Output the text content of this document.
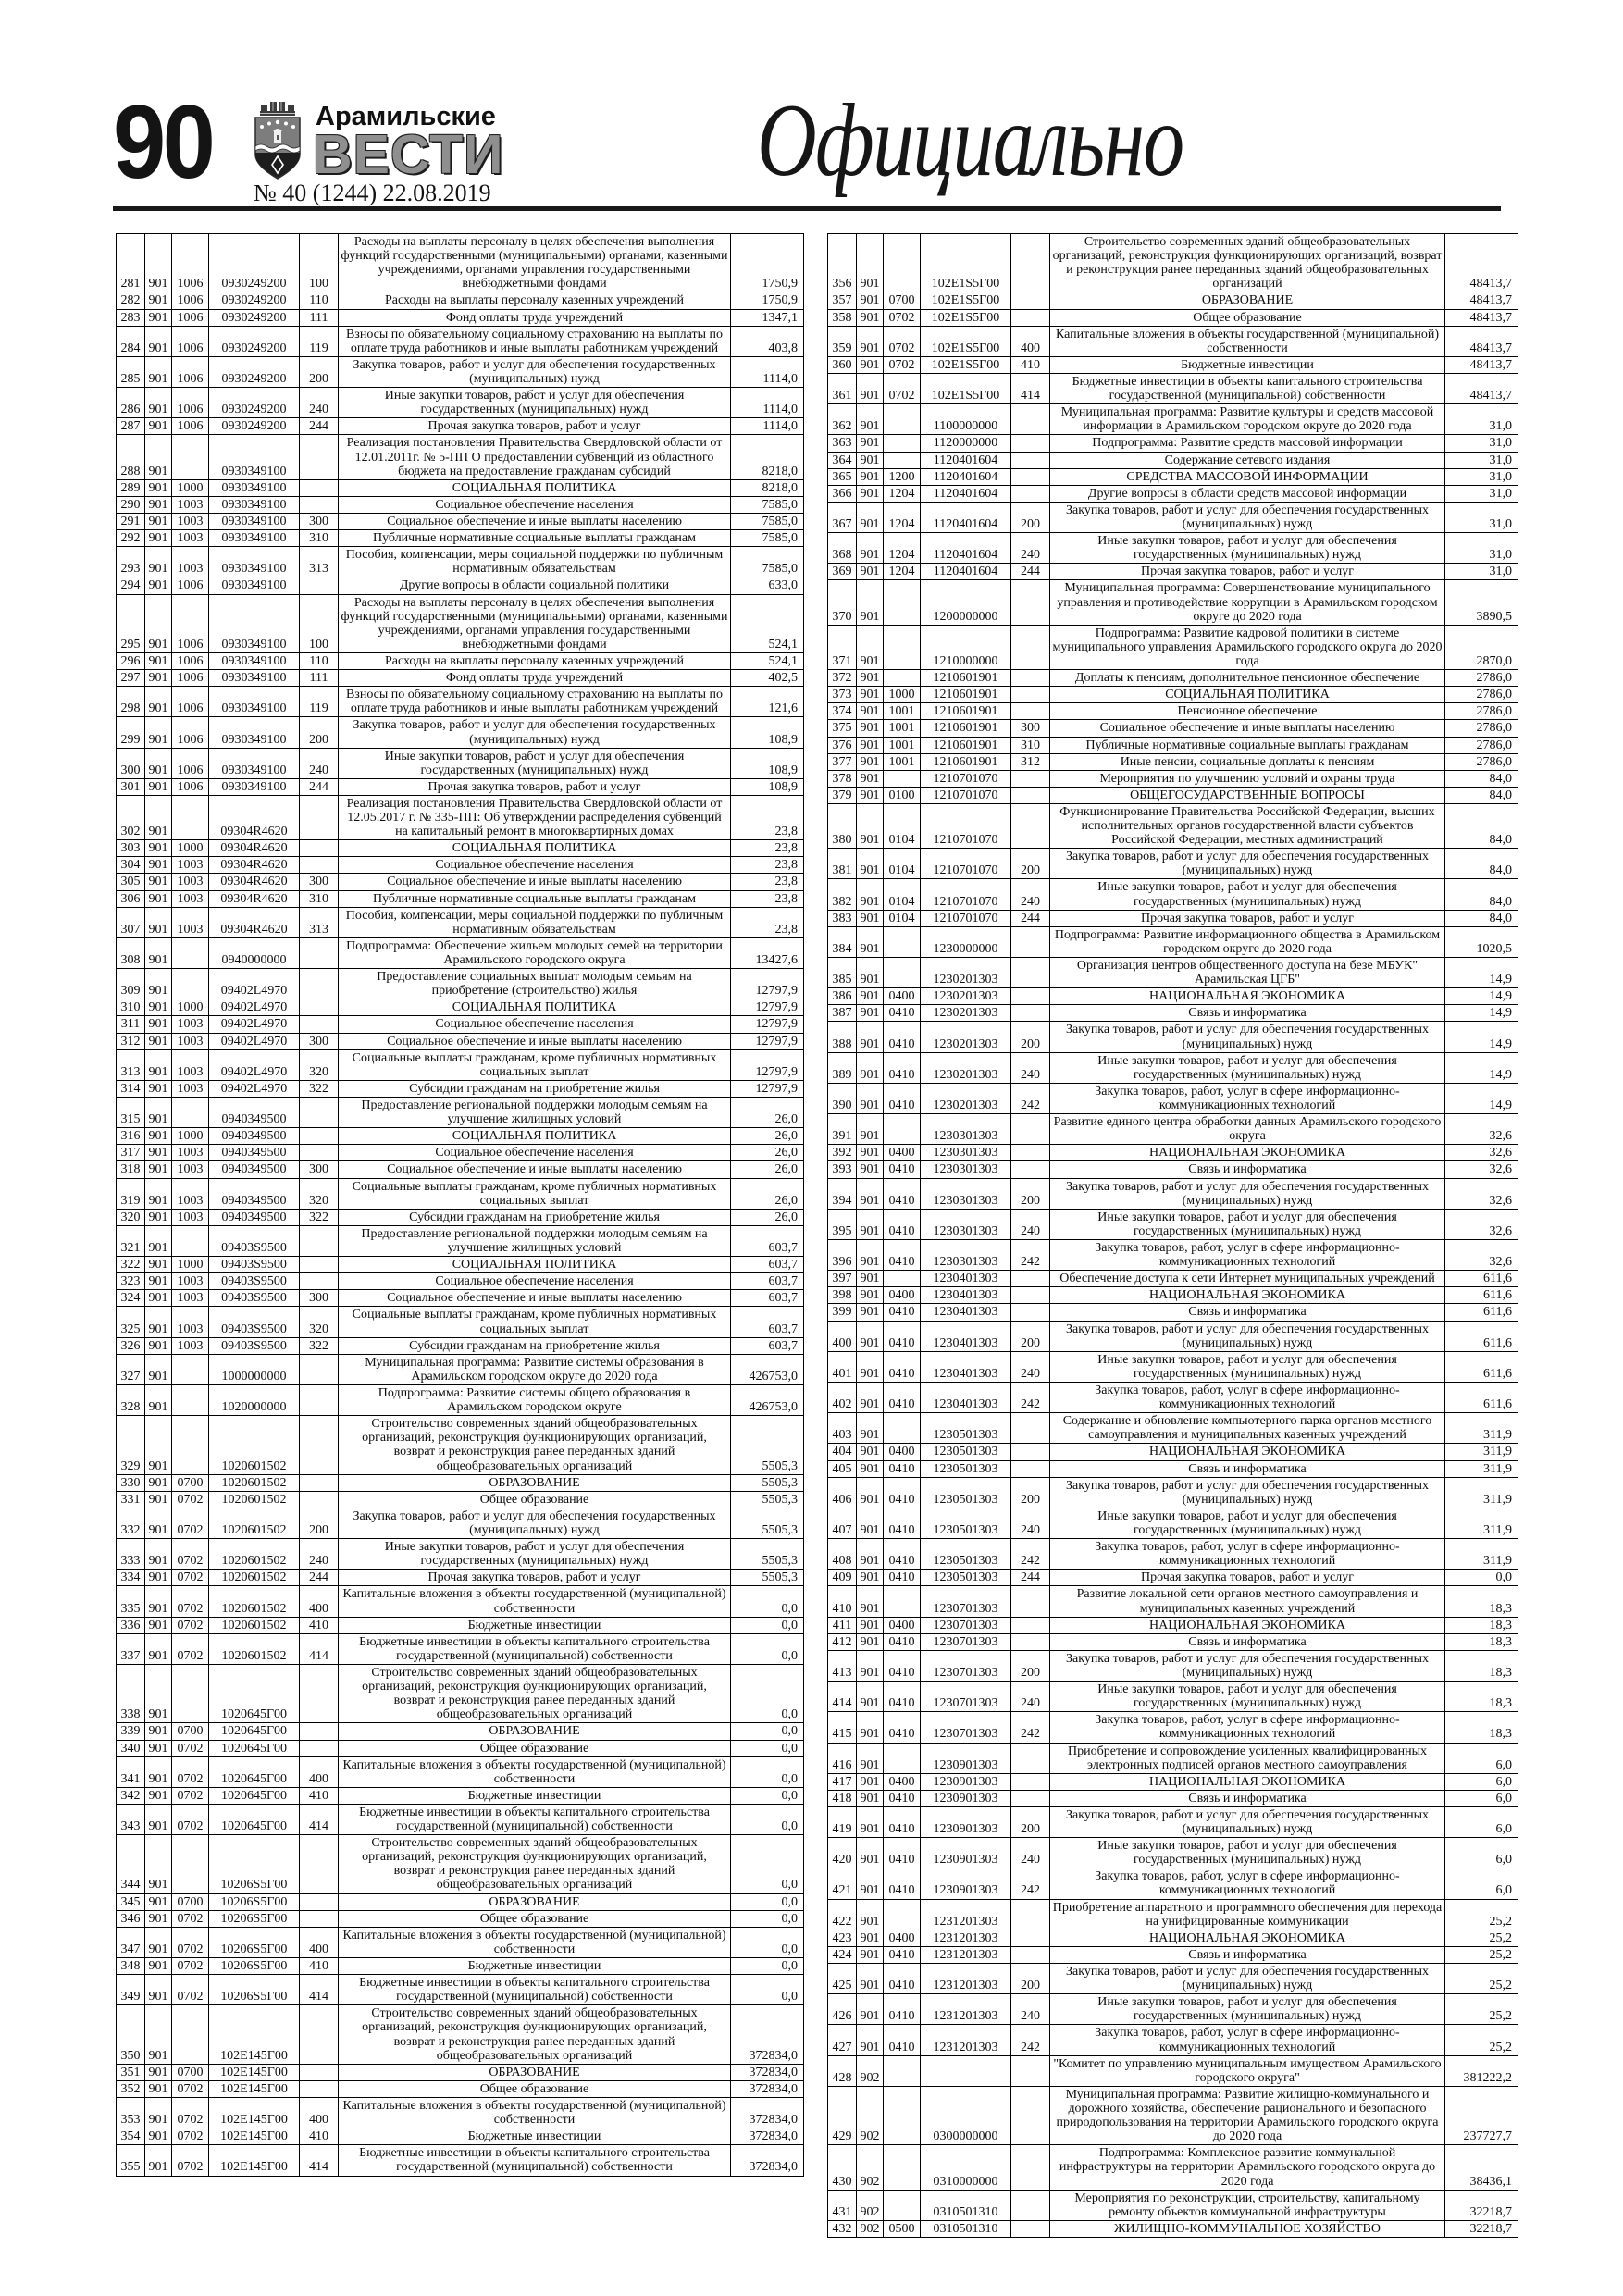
90	Арамильские
ВЕСТИ
№ 40 (1244) 22.08.2019	Официально
281	901	1006	0930249200	100	Расходы на выплаты персоналу в целях обеспечения выполнения функций государственными (муниципальными) органами, казенными учреждениями, органами управления государственными внебюджетными фондами	1750,9
282	901	1006	0930249200	110	Расходы на выплаты персоналу казенных учреждений	1750,9
283	901	1006	0930249200	111	Фонд оплаты труда учреждений	1347,1
284	901	1006	0930249200	119	Взносы по обязательному социальному страхованию на выплаты по оплате труда работников и иные выплаты работникам учреждений	403,8
285	901	1006	0930249200	200	Закупка товаров, работ и услуг для обеспечения государственных (муниципальных) нужд	1114,0
286	901	1006	0930249200	240	Иные закупки товаров, работ и услуг для обеспечения государственных (муниципальных) нужд	1114,0
287	901	1006	0930249200	244	Прочая закупка товаров, работ и услуг	1114,0
288	901		0930349100		Реализация постановления Правительства Свердловской области от 12.01.2011г. № 5-ПП О предоставлении субвенций из областного бюджета на предоставление гражданам субсидий	8218,0
289	901	1000	0930349100		СОЦИАЛЬНАЯ ПОЛИТИКА	8218,0
290	901	1003	0930349100		Социальное обеспечение населения	7585,0
291	901	1003	0930349100	300	Социальное обеспечение и иные выплаты населению	7585,0
292	901	1003	0930349100	310	Публичные нормативные социальные выплаты гражданам	7585,0
293	901	1003	0930349100	313	Пособия, компенсации, меры социальной поддержки по публичным нормативным обязательствам	7585,0
294	901	1006	0930349100		Другие вопросы в области социальной политики	633,0
295	901	1006	0930349100	100	Расходы на выплаты персоналу в целях обеспечения выполнения функций государственными (муниципальными) органами, казенными учреждениями, органами управления государственными внебюджетными фондами	524,1
296	901	1006	0930349100	110	Расходы на выплаты персоналу казенных учреждений	524,1
297	901	1006	0930349100	111	Фонд оплаты труда учреждений	402,5
298	901	1006	0930349100	119	Взносы по обязательному социальному страхованию на выплаты по оплате труда работников и иные выплаты работникам учреждений	121,6
299	901	1006	0930349100	200	Закупка товаров, работ и услуг для обеспечения государственных (муниципальных) нужд	108,9
300	901	1006	0930349100	240	Иные закупки товаров, работ и услуг для обеспечения государственных (муниципальных) нужд	108,9
301	901	1006	0930349100	244	Прочая закупка товаров, работ и услуг	108,9
302	901		09304R4620		Реализация постановления Правительства Свердловской области от 12.05.2017 г. № 335-ПП: Об утверждении распределения субвенций на капитальный ремонт в многоквартирных домах	23,8
303	901	1000	09304R4620		СОЦИАЛЬНАЯ ПОЛИТИКА	23,8
304	901	1003	09304R4620		Социальное обеспечение населения	23,8
305	901	1003	09304R4620	300	Социальное обеспечение и иные выплаты населению	23,8
306	901	1003	09304R4620	310	Публичные нормативные социальные выплаты гражданам	23,8
307	901	1003	09304R4620	313	Пособия, компенсации, меры социальной поддержки по публичным нормативным обязательствам	23,8
308	901		0940000000		Подпрограмма: Обеспечение жильем молодых семей на территории Арамильского городского округа	13427,6
309	901		09402L4970		Предоставление социальных выплат молодым семьям на приобретение (строительство) жилья	12797,9
310	901	1000	09402L4970		СОЦИАЛЬНАЯ ПОЛИТИКА	12797,9
311	901	1003	09402L4970		Социальное обеспечение населения	12797,9
312	901	1003	09402L4970	300	Социальное обеспечение и иные выплаты населению	12797,9
313	901	1003	09402L4970	320	Социальные выплаты гражданам, кроме публичных нормативных социальных выплат	12797,9
314	901	1003	09402L4970	322	Субсидии гражданам на приобретение жилья	12797,9
315	901		0940349500		Предоставление региональной поддержки молодым семьям на улучшение жилищных условий	26,0
316	901	1000	0940349500		СОЦИАЛЬНАЯ ПОЛИТИКА	26,0
317	901	1003	0940349500		Социальное обеспечение населения	26,0
318	901	1003	0940349500	300	Социальное обеспечение и иные выплаты населению	26,0
319	901	1003	0940349500	320	Социальные выплаты гражданам, кроме публичных нормативных социальных выплат	26,0
320	901	1003	0940349500	322	Субсидии гражданам на приобретение жилья	26,0
321	901		09403S9500		Предоставление региональной поддержки молодым семьям на улучшение жилищных условий	603,7
322	901	1000	09403S9500		СОЦИАЛЬНАЯ ПОЛИТИКА	603,7
323	901	1003	09403S9500		Социальное обеспечение населения	603,7
324	901	1003	09403S9500	300	Социальное обеспечение и иные выплаты населению	603,7
325	901	1003	09403S9500	320	Социальные выплаты гражданам, кроме публичных нормативных социальных выплат	603,7
326	901	1003	09403S9500	322	Субсидии гражданам на приобретение жилья	603,7
327	901		1000000000		Муниципальная программа: Развитие системы образования в Арамильском городском округе до 2020 года	426753,0
328	901		1020000000		Подпрограмма: Развитие системы общего образования в Арамильском городском округе	426753,0
329	901		1020601502		Строительство современных зданий общеобразовательных организаций, реконструкция функционирующих организаций, возврат и реконструкция ранее переданных зданий общеобразовательных организаций	5505,3
330	901	0700	1020601502		ОБРАЗОВАНИЕ	5505,3
331	901	0702	1020601502		Общее образование	5505,3
332	901	0702	1020601502	200	Закупка товаров, работ и услуг для обеспечения государственных (муниципальных) нужд	5505,3
333	901	0702	1020601502	240	Иные закупки товаров, работ и услуг для обеспечения государственных (муниципальных) нужд	5505,3
334	901	0702	1020601502	244	Прочая закупка товаров, работ и услуг	5505,3
335	901	0702	1020601502	400	Капитальные вложения в объекты государственной (муниципальной) собственности	0,0
336	901	0702	1020601502	410	Бюджетные инвестиции	0,0
337	901	0702	1020601502	414	Бюджетные инвестиции в объекты капитального строительства государственной (муниципальной) собственности	0,0
338	901		1020645Г00		Строительство современных зданий общеобразовательных организаций, реконструкция функционирующих организаций, возврат и реконструкция ранее переданных зданий общеобразовательных организаций	0,0
339	901	0700	1020645Г00		ОБРАЗОВАНИЕ	0,0
340	901	0702	1020645Г00		Общее образование	0,0
341	901	0702	1020645Г00	400	Капитальные вложения в объекты государственной (муниципальной) собственности	0,0
342	901	0702	1020645Г00	410	Бюджетные инвестиции	0,0
343	901	0702	1020645Г00	414	Бюджетные инвестиции в объекты капитального строительства государственной (муниципальной) собственности	0,0
344	901		10206S5Г00		Строительство современных зданий общеобразовательных организаций, реконструкция функционирующих организаций, возврат и реконструкция ранее переданных зданий общеобразовательных организаций	0,0
345	901	0700	10206S5Г00		ОБРАЗОВАНИЕ	0,0
346	901	0702	10206S5Г00		Общее образование	0,0
347	901	0702	10206S5Г00	400	Капитальные вложения в объекты государственной (муниципальной) собственности	0,0
348	901	0702	10206S5Г00	410	Бюджетные инвестиции	0,0
349	901	0702	10206S5Г00	414	Бюджетные инвестиции в объекты капитального строительства государственной (муниципальной) собственности	0,0
350	901		102E145Г00		Строительство современных зданий общеобразовательных организаций, реконструкция функционирующих организаций, возврат и реконструкция ранее переданных зданий общеобразовательных организаций	372834,0
351	901	0700	102E145Г00		ОБРАЗОВАНИЕ	372834,0
352	901	0702	102E145Г00		Общее образование	372834,0
353	901	0702	102E145Г00	400	Капитальные вложения в объекты государственной (муниципальной) собственности	372834,0
354	901	0702	102E145Г00	410	Бюджетные инвестиции	372834,0
355	901	0702	102E145Г00	414	Бюджетные инвестиции в объекты капитального строительства государственной (муниципальной) собственности	372834,0
356	901		102E1S5Г00		Строительство современных зданий общеобразовательных организаций, реконструкция функционирующих организаций, возврат и реконструкция ранее переданных зданий общеобразовательных организаций	48413,7
357	901	0700	102E1S5Г00		ОБРАЗОВАНИЕ	48413,7
358	901	0702	102E1S5Г00		Общее образование	48413,7
359	901	0702	102E1S5Г00	400	Капитальные вложения в объекты государственной (муниципальной) собственности	48413,7
360	901	0702	102E1S5Г00	410	Бюджетные инвестиции	48413,7
361	901	0702	102E1S5Г00	414	Бюджетные инвестиции в объекты капитального строительства государственной (муниципальной) собственности	48413,7
362	901		1100000000		Муниципальная программа: Развитие культуры и средств массовой информации в Арамильском городском округе до 2020 года	31,0
363	901		1120000000		Подпрограмма: Развитие средств массовой информации	31,0
364	901		1120401604		Содержание сетевого издания	31,0
365	901	1200	1120401604		СРЕДСТВА МАССОВОЙ ИНФОРМАЦИИ	31,0
366	901	1204	1120401604		Другие вопросы в области средств массовой информации	31,0
367	901	1204	1120401604	200	Закупка товаров, работ и услуг для обеспечения государственных (муниципальных) нужд	31,0
368	901	1204	1120401604	240	Иные закупки товаров, работ и услуг для обеспечения государственных (муниципальных) нужд	31,0
369	901	1204	1120401604	244	Прочая закупка товаров, работ и услуг	31,0
370	901		1200000000		Муниципальная программа: Совершенствование муниципального управления и противодействие коррупции в Арамильском городском округе до 2020 года	3890,5
371	901		1210000000		Подпрограмма: Развитие кадровой политики в системе муниципального управления Арамильского городского округа до 2020 года	2870,0
372	901		1210601901		Доплаты к пенсиям, дополнительное пенсионное обеспечение	2786,0
373	901	1000	1210601901		СОЦИАЛЬНАЯ ПОЛИТИКА	2786,0
374	901	1001	1210601901		Пенсионное обеспечение	2786,0
375	901	1001	1210601901	300	Социальное обеспечение и иные выплаты населению	2786,0
376	901	1001	1210601901	310	Публичные нормативные социальные выплаты гражданам	2786,0
377	901	1001	1210601901	312	Иные пенсии, социальные доплаты к пенсиям	2786,0
378	901		1210701070		Мероприятия по улучшению условий и охраны труда	84,0
379	901	0100	1210701070		ОБЩЕГОСУДАРСТВЕННЫЕ ВОПРОСЫ	84,0
380	901	0104	1210701070		Функционирование Правительства Российской Федерации, высших исполнительных органов государственной власти субъектов Российской Федерации, местных администраций	84,0
381	901	0104	1210701070	200	Закупка товаров, работ и услуг для обеспечения государственных (муниципальных) нужд	84,0
382	901	0104	1210701070	240	Иные закупки товаров, работ и услуг для обеспечения государственных (муниципальных) нужд	84,0
383	901	0104	1210701070	244	Прочая закупка товаров, работ и услуг	84,0
384	901		1230000000		Подпрограмма: Развитие информационного общества в Арамильском городском округе до 2020 года	1020,5
385	901		1230201303		Организация центров общественного доступа на безе МБУК" Арамильская ЦГБ"	14,9
386	901	0400	1230201303		НАЦИОНАЛЬНАЯ ЭКОНОМИКА	14,9
387	901	0410	1230201303		Связь и информатика	14,9
388	901	0410	1230201303	200	Закупка товаров, работ и услуг для обеспечения государственных (муниципальных) нужд	14,9
389	901	0410	1230201303	240	Иные закупки товаров, работ и услуг для обеспечения государственных (муниципальных) нужд	14,9
390	901	0410	1230201303	242	Закупка товаров, работ, услуг в сфере информационно-коммуникационных технологий	14,9
391	901		1230301303		Развитие единого центра обработки данных Арамильского городского округа	32,6
392	901	0400	1230301303		НАЦИОНАЛЬНАЯ ЭКОНОМИКА	32,6
393	901	0410	1230301303		Связь и информатика	32,6
394	901	0410	1230301303	200	Закупка товаров, работ и услуг для обеспечения государственных (муниципальных) нужд	32,6
395	901	0410	1230301303	240	Иные закупки товаров, работ и услуг для обеспечения государственных (муниципальных) нужд	32,6
396	901	0410	1230301303	242	Закупка товаров, работ, услуг в сфере информационно-коммуникационных технологий	32,6
397	901		1230401303		Обеспечение доступа к сети Интернет муниципальных учреждений	611,6
398	901	0400	1230401303		НАЦИОНАЛЬНАЯ ЭКОНОМИКА	611,6
399	901	0410	1230401303		Связь и информатика	611,6
400	901	0410	1230401303	200	Закупка товаров, работ и услуг для обеспечения государственных (муниципальных) нужд	611,6
401	901	0410	1230401303	240	Иные закупки товаров, работ и услуг для обеспечения государственных (муниципальных) нужд	611,6
402	901	0410	1230401303	242	Закупка товаров, работ, услуг в сфере информационно-коммуникационных технологий	611,6
403	901		1230501303		Содержание и обновление компьютерного парка органов местного самоуправления и муниципальных казенных учреждений	311,9
404	901	0400	1230501303		НАЦИОНАЛЬНАЯ ЭКОНОМИКА	311,9
405	901	0410	1230501303		Связь и информатика	311,9
406	901	0410	1230501303	200	Закупка товаров, работ и услуг для обеспечения государственных (муниципальных) нужд	311,9
407	901	0410	1230501303	240	Иные закупки товаров, работ и услуг для обеспечения государственных (муниципальных) нужд	311,9
408	901	0410	1230501303	242	Закупка товаров, работ, услуг в сфере информационно-коммуникационных технологий	311,9
409	901	0410	1230501303	244	Прочая закупка товаров, работ и услуг	0,0
410	901		1230701303		Развитие локальной сети органов местного самоуправления и муниципальных казенных учреждений	18,3
411	901	0400	1230701303		НАЦИОНАЛЬНАЯ ЭКОНОМИКА	18,3
412	901	0410	1230701303		Связь и информатика	18,3
413	901	0410	1230701303	200	Закупка товаров, работ и услуг для обеспечения государственных (муниципальных) нужд	18,3
414	901	0410	1230701303	240	Иные закупки товаров, работ и услуг для обеспечения государственных (муниципальных) нужд	18,3
415	901	0410	1230701303	242	Закупка товаров, работ, услуг в сфере информационно-коммуникационных технологий	18,3
416	901		1230901303		Приобретение и сопровождение усиленных квалифицированных электронных подписей органов местного самоуправления	6,0
417	901	0400	1230901303		НАЦИОНАЛЬНАЯ ЭКОНОМИКА	6,0
418	901	0410	1230901303		Связь и информатика	6,0
419	901	0410	1230901303	200	Закупка товаров, работ и услуг для обеспечения государственных (муниципальных) нужд	6,0
420	901	0410	1230901303	240	Иные закупки товаров, работ и услуг для обеспечения государственных (муниципальных) нужд	6,0
421	901	0410	1230901303	242	Закупка товаров, работ, услуг в сфере информационно-коммуникационных технологий	6,0
422	901		1231201303		Приобретение аппаратного и программного обеспечения для перехода на унифицированные коммуникации	25,2
423	901	0400	1231201303		НАЦИОНАЛЬНАЯ ЭКОНОМИКА	25,2
424	901	0410	1231201303		Связь и информатика	25,2
425	901	0410	1231201303	200	Закупка товаров, работ и услуг для обеспечения государственных (муниципальных) нужд	25,2
426	901	0410	1231201303	240	Иные закупки товаров, работ и услуг для обеспечения государственных (муниципальных) нужд	25,2
427	901	0410	1231201303	242	Закупка товаров, работ, услуг в сфере информационно-коммуникационных технологий	25,2
428	902				"Комитет по управлению муниципальным имуществом Арамильского городского округа"	381222,2
429	902		0300000000		Муниципальная программа: Развитие жилищно-коммунального и дорожного хозяйства, обеспечение рационального и безопасного природопользования на территории Арамильского городского округа до 2020 года	237727,7
430	902		0310000000		Подпрограмма: Комплексное развитие коммунальной инфраструктуры на территории Арамильского городского округа до 2020 года	38436,1
431	902		0310501310		Мероприятия по реконструкции, строительству, капитальному ремонту объектов коммунальной инфраструктуры	32218,7
432	902	0500	0310501310		ЖИЛИЩНО-КОММУНАЛЬНОЕ ХОЗЯЙСТВО	32218,7
